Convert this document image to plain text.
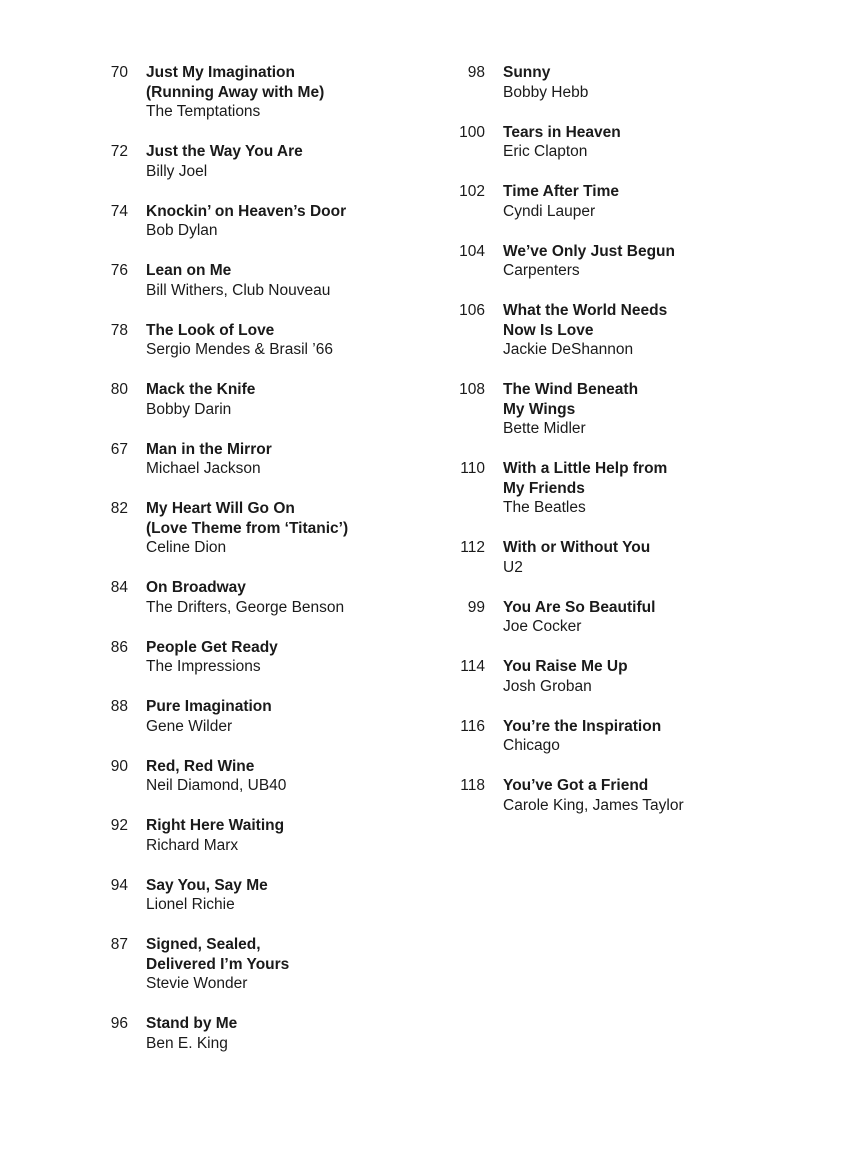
70 Just My Imagination
(Running Away with Me)
The Temptations
72 Just the Way You Are
Billy Joel
74 Knockin’ on Heaven’s Door
Bob Dylan
76 Lean on Me
Bill Withers, Club Nouveau
78 The Look of Love
Sergio Mendes & Brasil ’66
80 Mack the Knife
Bobby Darin
67 Man in the Mirror
Michael Jackson
82 My Heart Will Go On
(Love Theme from ‘Titanic’)
Celine Dion
84 On Broadway
The Drifters, George Benson
86 People Get Ready
The Impressions
88 Pure Imagination
Gene Wilder
90 Red, Red Wine
Neil Diamond, UB40
92 Right Here Waiting
Richard Marx
94 Say You, Say Me
Lionel Richie
87 Signed, Sealed,
Delivered I’m Yours
Stevie Wonder
96 Stand by Me
Ben E. King
98 Sunny
Bobby Hebb
100 Tears in Heaven
Eric Clapton
102 Time After Time
Cyndi Lauper
104 We’ve Only Just Begun
Carpenters
106 What the World Needs
Now Is Love
Jackie DeShannon
108 The Wind Beneath
My Wings
Bette Midler
110 With a Little Help from
My Friends
The Beatles
112 With or Without You
U2
99 You Are So Beautiful
Joe Cocker
114 You Raise Me Up
Josh Groban
116 You’re the Inspiration
Chicago
118 You’ve Got a Friend
Carole King, James Taylor
